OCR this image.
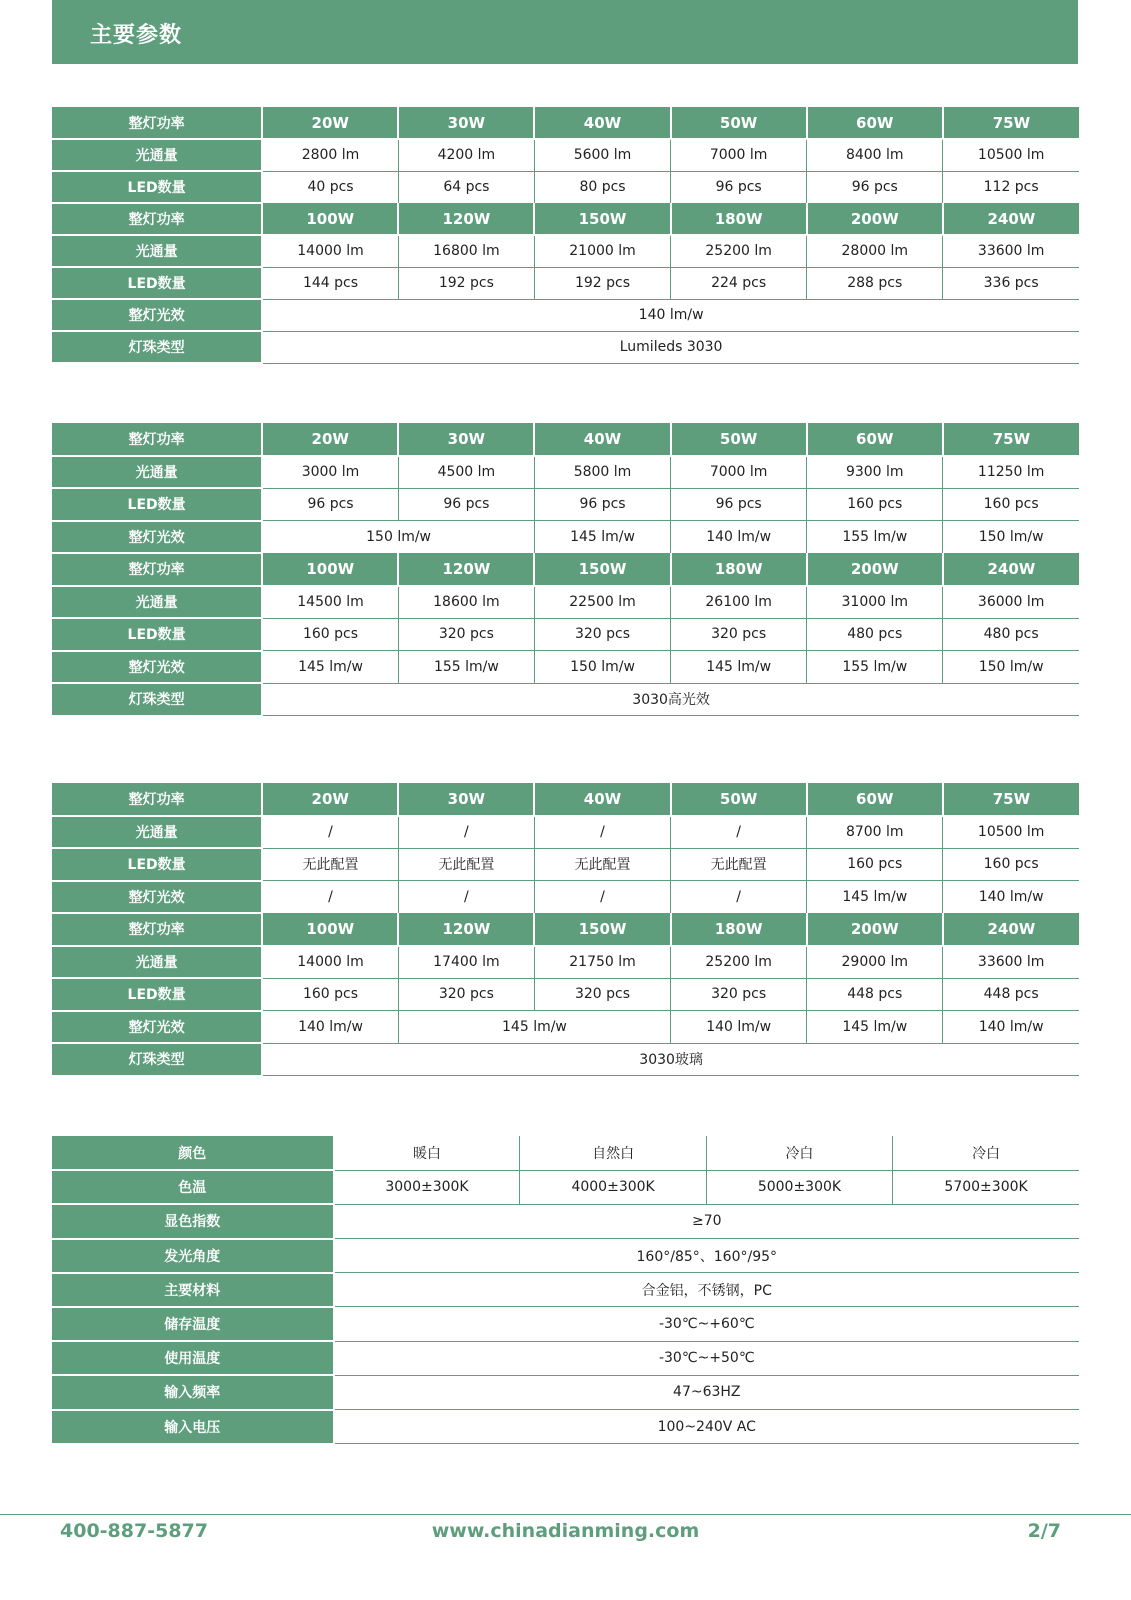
主要参数
整灯功率	20W	30W	40W	50W	60W	75W
光通量	2800 lm	4200 lm	5600 lm	7000 lm	8400 lm	10500 lm
LED数量	40 pcs	64 pcs	80 pcs	96 pcs	96 pcs	112 pcs
整灯功率	100W	120W	150W	180W	200W	240W
光通量	14000 lm	16800 lm	21000 lm	25200 lm	28000 lm	33600 lm
LED数量	144 pcs	192 pcs	192 pcs	224 pcs	288 pcs	336 pcs
整灯光效	140 lm/w					
灯珠类型	Lumileds 3030					
整灯功率	20W	30W	40W	50W	60W	75W
光通量	3000 lm	4500 lm	5800 lm	7000 lm	9300 lm	11250 lm
LED数量	96 pcs	96 pcs	96 pcs	96 pcs	160 pcs	160 pcs
整灯光效	150 lm/w		145 lm/w	140 lm/w	155 lm/w	150 lm/w
整灯功率	100W	120W	150W	180W	200W	240W
光通量	14500 lm	18600 lm	22500 lm	26100 lm	31000 lm	36000 lm
LED数量	160 pcs	320 pcs	320 pcs	320 pcs	480 pcs	480 pcs
整灯光效	145 lm/w	155 lm/w	150 lm/w	145 lm/w	155 lm/w	150 lm/w
灯珠类型	3030高光效					
整灯功率	20W	30W	40W	50W	60W	75W
光通量	/	/	/	/	8700 lm	10500 lm
LED数量	无此配置	无此配置	无此配置	无此配置	160 pcs	160 pcs
整灯光效	/	/	/	/	145 lm/w	140 lm/w
整灯功率	100W	120W	150W	180W	200W	240W
光通量	14000 lm	17400 lm	21750 lm	25200 lm	29000 lm	33600 lm
LED数量	160 pcs	320 pcs	320 pcs	320 pcs	448 pcs	448 pcs
整灯光效	140 lm/w	145 lm/w		140 lm/w	145 lm/w	140 lm/w
灯珠类型	3030玻璃					
颜色	暖白	自然白	冷白	冷白
色温	3000±300K	4000±300K	5000±300K	5700±300K
显色指数	≥70			
发光角度	160°/85°、160°/95°			
主要材料	合金铝，不锈钢，PC			
储存温度	-30℃~+60℃			
使用温度	-30℃~+50℃			
输入频率	47~63HZ			
输入电压	100~240V AC			
400-887-5877	www.chinadianming.com	2/7
